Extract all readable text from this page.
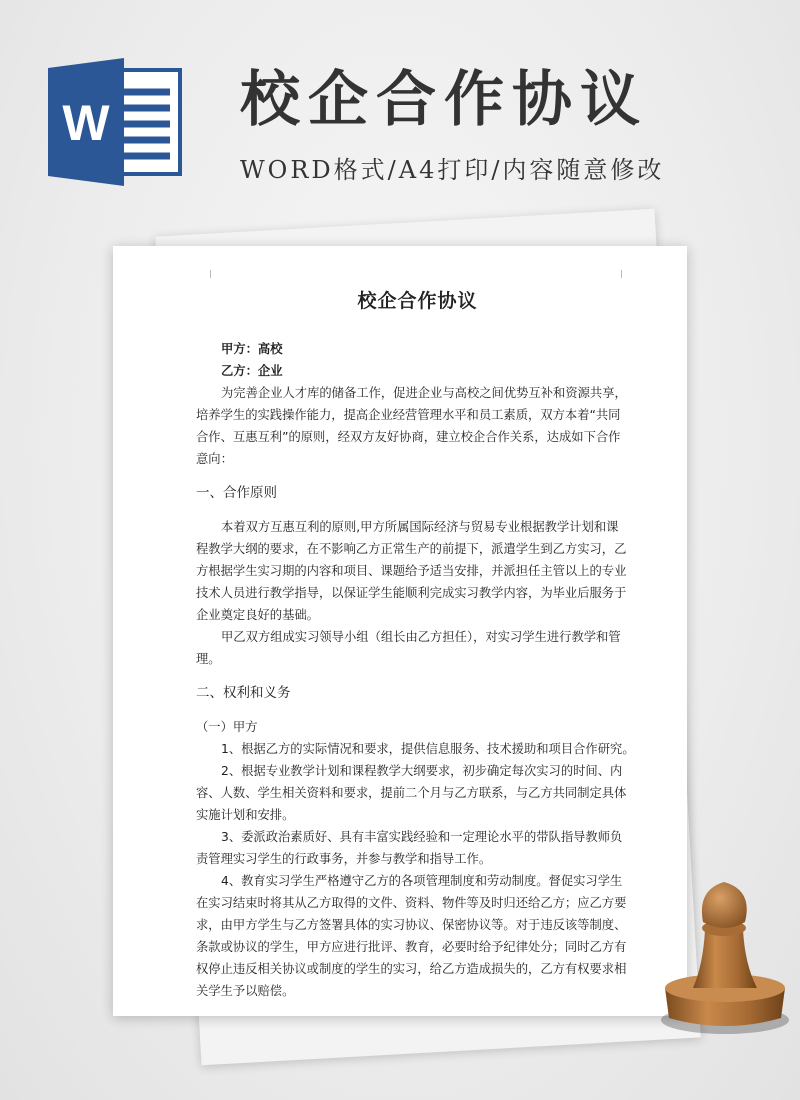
W 校企合作协议
WORD格式/A4打印/内容随意修改
校企合作协议
甲方：高校
乙方：企业
为完善企业人才库的储备工作，促进企业与高校之间优势互补和资源共享，
培养学生的实践操作能力，提高企业经营管理水平和员工素质，双方本着“共同
合作、互惠互利”的原则，经双方友好协商，建立校企合作关系，达成如下合作
意向：
一、合作原则
本着双方互惠互利的原则,甲方所属国际经济与贸易专业根据教学计划和课
程教学大纲的要求，在不影响乙方正常生产的前提下，派遣学生到乙方实习，乙
方根据学生实习期的内容和项目、课题给予适当安排，并派担任主管以上的专业
技术人员进行教学指导，以保证学生能顺利完成实习教学内容，为毕业后服务于
企业奠定良好的基础。
甲乙双方组成实习领导小组（组长由乙方担任），对实习学生进行教学和管
理。
二、权利和义务
（一）甲方
1、根据乙方的实际情况和要求，提供信息服务、技术援助和项目合作研究。
2、根据专业教学计划和课程教学大纲要求，初步确定每次实习的时间、内
容、人数、学生相关资料和要求，提前二个月与乙方联系，与乙方共同制定具体
实施计划和安排。
3、委派政治素质好、具有丰富实践经验和一定理论水平的带队指导教师负
责管理实习学生的行政事务，并参与教学和指导工作。
4、教育实习学生严格遵守乙方的各项管理制度和劳动制度。督促实习学生
在实习结束时将其从乙方取得的文件、资料、物件等及时归还给乙方；应乙方要
求，由甲方学生与乙方签署具体的实习协议、保密协议等。对于违反该等制度、
条款或协议的学生，甲方应进行批评、教育，必要时给予纪律处分；同时乙方有
权停止违反相关协议或制度的学生的实习，给乙方造成损失的，乙方有权要求相
关学生予以赔偿。
